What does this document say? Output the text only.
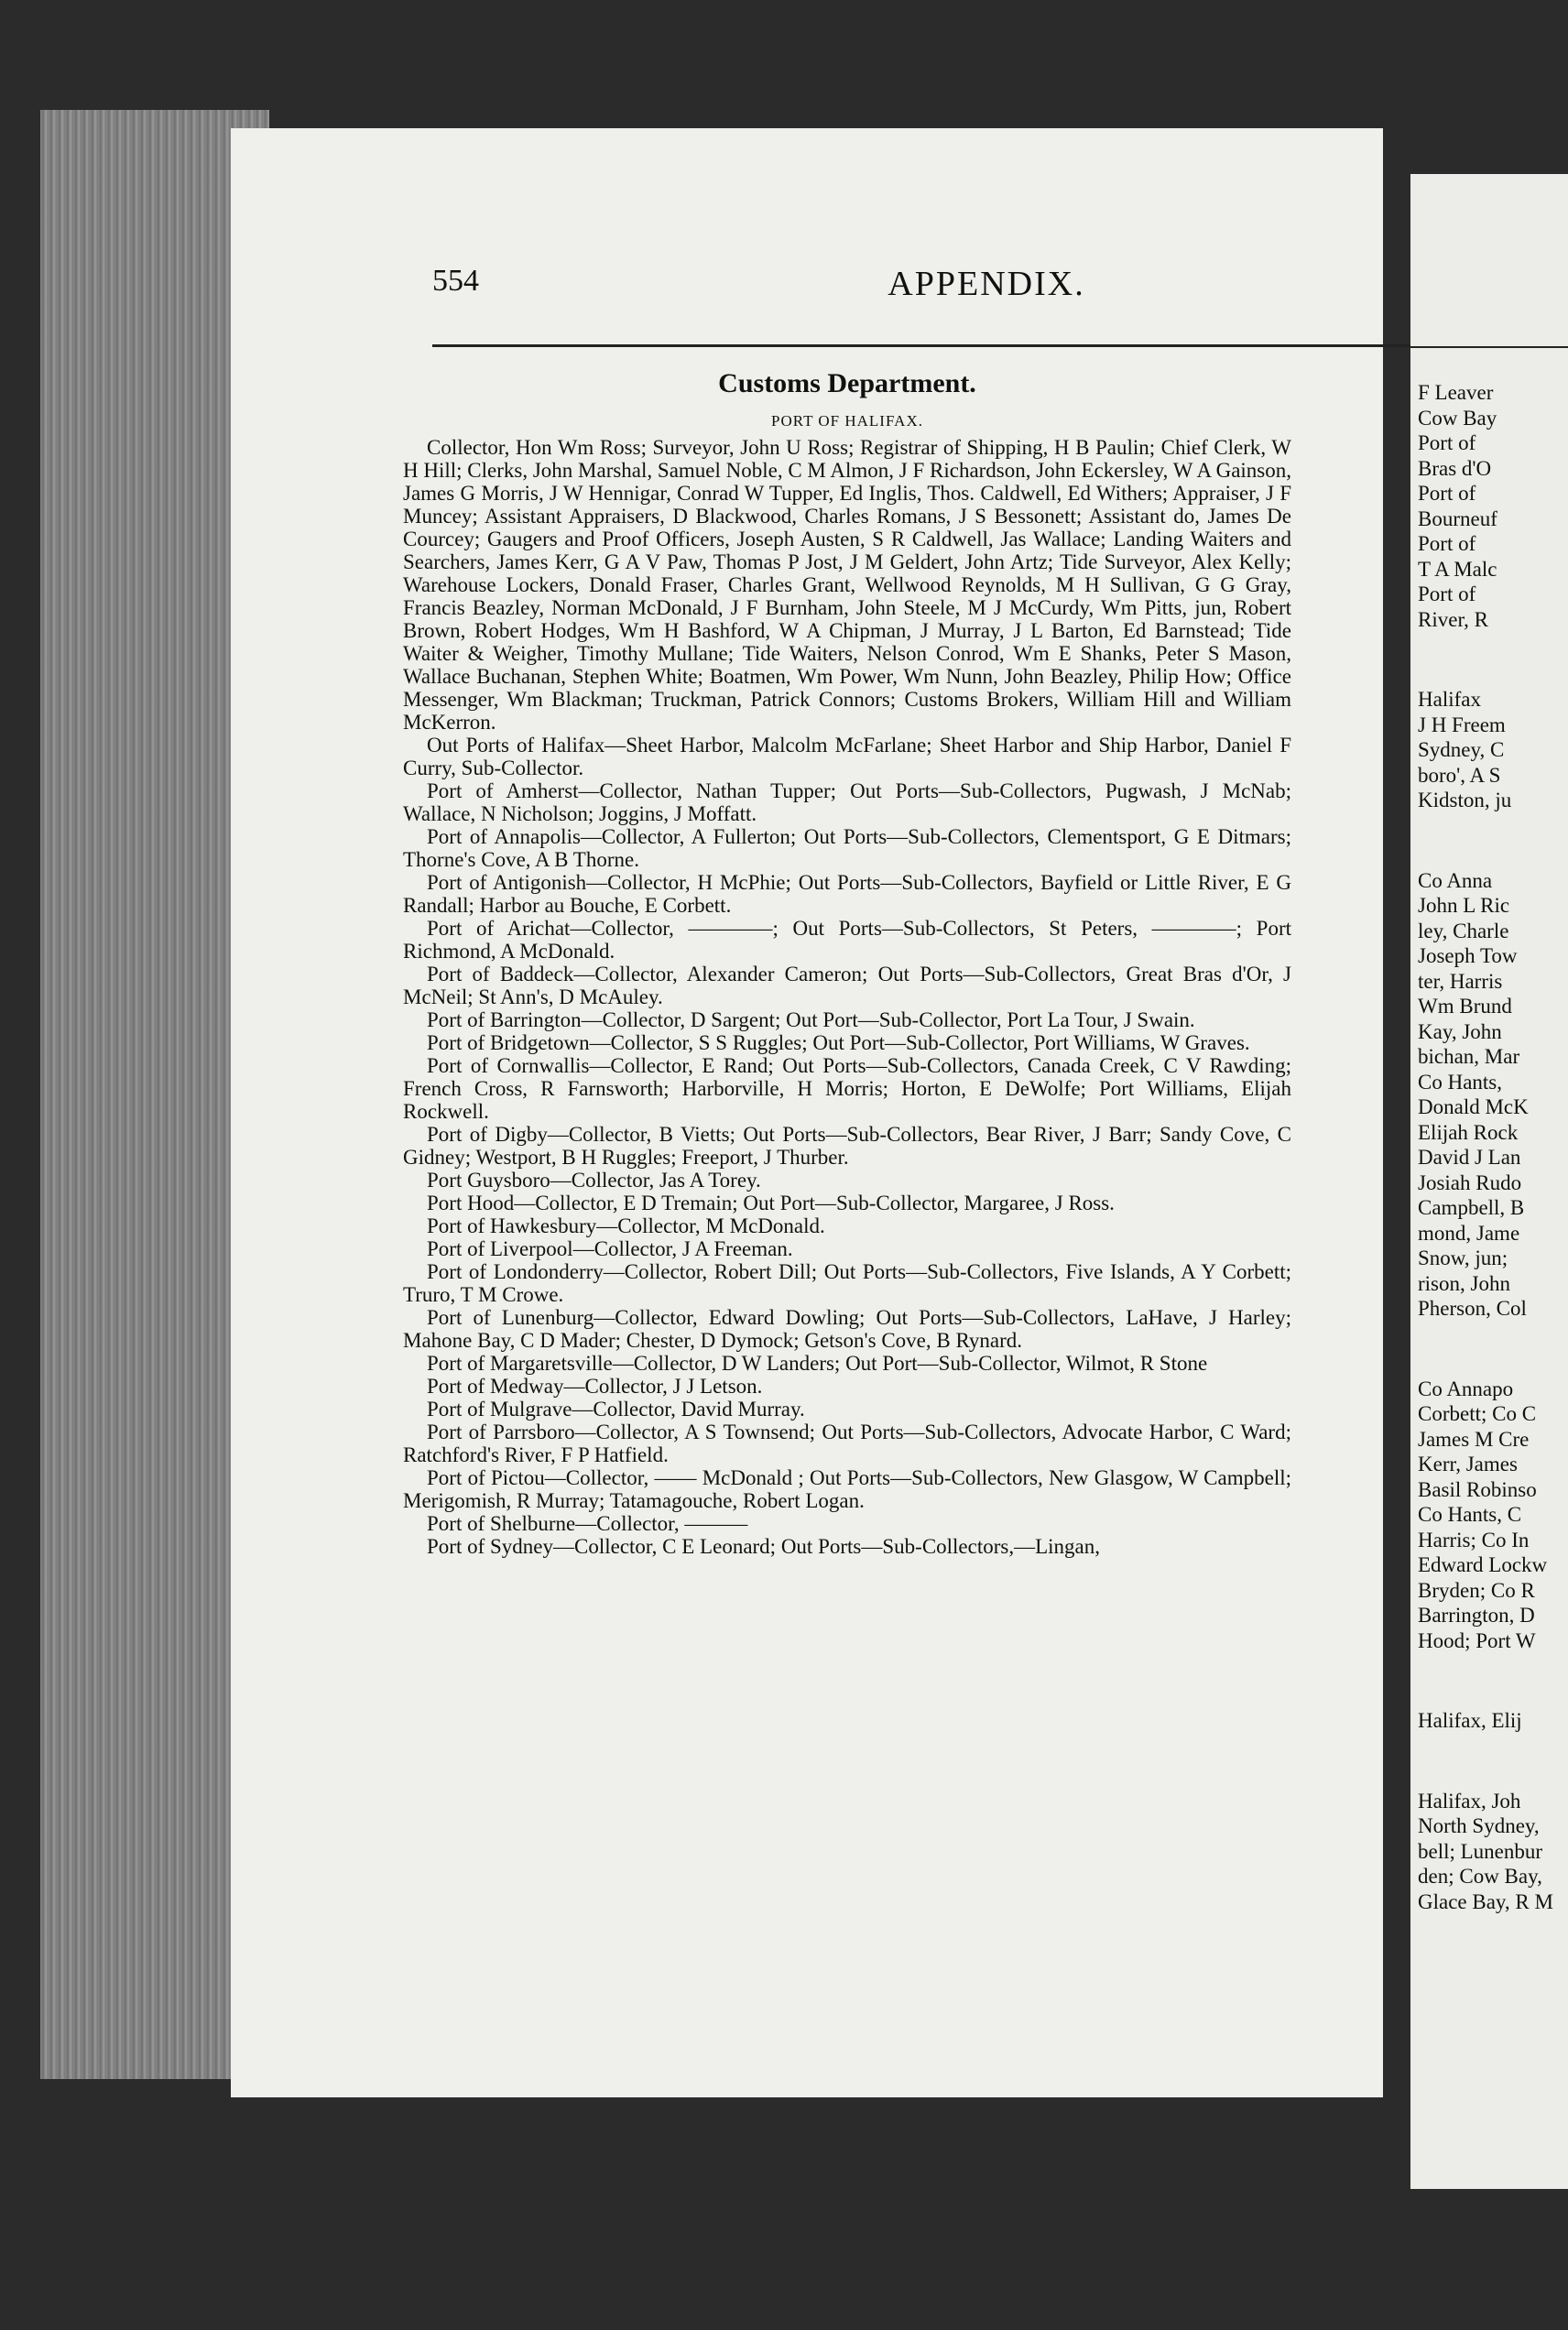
554	APPENDIX.
Customs Department.
PORT OF HALIFAX.

Collector, Hon Wm Ross; Surveyor, John U Ross; Registrar of Shipping, H B Paulin; Chief Clerk, W H Hill; Clerks, John Marshal, Samuel Noble, C M Almon, J F Richardson, John Eckersley, W A Gainson, James G Morris, J W Hennigar, Conrad W Tupper, Ed Inglis, Thos. Caldwell, Ed Withers; Appraiser, J F Muncey; Assistant Appraisers, D Blackwood, Charles Romans, J S Bessonett; Assistant do, James De Courcey; Gaugers and Proof Officers, Joseph Austen, S R Caldwell, Jas Wallace; Landing Waiters and Searchers, James Kerr, G A V Paw, Thomas P Jost, J M Geldert, John Artz; Tide Surveyor, Alex Kelly; Warehouse Lockers, Donald Fraser, Charles Grant, Wellwood Reynolds, M H Sullivan, G G Gray, Francis Beazley, Norman McDonald, J F Burnham, John Steele, M J McCurdy, Wm Pitts, jun, Robert Brown, Robert Hodges, Wm H Bashford, W A Chipman, J Murray, J L Barton, Ed Barnstead; Tide Waiter & Weigher, Timothy Mullane; Tide Waiters, Nelson Conrod, Wm E Shanks, Peter S Mason, Wallace Buchanan, Stephen White; Boatmen, Wm Power, Wm Nunn, John Beazley, Philip How; Office Messenger, Wm Blackman; Truckman, Patrick Connors; Customs Brokers, William Hill and William McKerron.

Out Ports of Halifax—Sheet Harbor, Malcolm McFarlane; Sheet Harbor and Ship Harbor, Daniel F Curry, Sub-Collector.

Port of Amherst—Collector, Nathan Tupper; Out Ports—Sub-Collectors, Pugwash, J McNab; Wallace, N Nicholson; Joggins, J Moffatt.

Port of Annapolis—Collector, A Fullerton; Out Ports—Sub-Collectors, Clementsport, G E Ditmars; Thorne's Cove, A B Thorne.

Port of Antigonish—Collector, H McPhie; Out Ports—Sub-Collectors, Bayfield or Little River, E G Randall; Harbor au Bouche, E Corbett.

Port of Arichat—Collector, ————; Out Ports—Sub-Collectors, St Peters, ————; Port Richmond, A McDonald.

Port of Baddeck—Collector, Alexander Cameron; Out Ports—Sub-Collectors, Great Bras d'Or, J McNeil; St Ann's, D McAuley.

Port of Barrington—Collector, D Sargent; Out Port—Sub-Collector, Port La Tour, J Swain.

Port of Bridgetown—Collector, S S Ruggles; Out Port—Sub-Collector, Port Williams, W Graves.

Port of Cornwallis—Collector, E Rand; Out Ports—Sub-Collectors, Canada Creek, C V Rawding; French Cross, R Farnsworth; Harborville, H Morris; Horton, E DeWolfe; Port Williams, Elijah Rockwell.

Port of Digby—Collector, B Vietts; Out Ports—Sub-Collectors, Bear River, J Barr; Sandy Cove, C Gidney; Westport, B H Ruggles; Freeport, J Thurber.

Port Guysboro—Collector, Jas A Torey.

Port Hood—Collector, E D Tremain; Out Port—Sub-Collector, Margaree, J Ross.

Port of Hawkesbury—Collector, M McDonald.

Port of Liverpool—Collector, J A Freeman.

Port of Londonderry—Collector, Robert Dill; Out Ports—Sub-Collectors, Five Islands, A Y Corbett; Truro, T M Crowe.

Port of Lunenburg—Collector, Edward Dowling; Out Ports—Sub-Collectors, LaHave, J Harley; Mahone Bay, C D Mader; Chester, D Dymock; Getson's Cove, B Rynard.

Port of Margaretsville—Collector, D W Landers; Out Port—Sub-Collector, Wilmot, R Stone

Port of Medway—Collector, J J Letson.

Port of Mulgrave—Collector, David Murray.

Port of Parrsboro—Collector, A S Townsend; Out Ports—Sub-Collectors, Advocate Harbor, C Ward; Ratchford's River, F P Hatfield.

Port of Pictou—Collector, —— McDonald ; Out Ports—Sub-Collectors, New Glasgow, W Campbell; Merigomish, R Murray; Tatamagouche, Robert Logan.

Port of Shelburne—Collector, ———

Port of Sydney—Collector, C E Leonard; Out Ports—Sub-Collectors,—Lingan,

F Leaver
Cow Bay
Port of
Bras d'O
Port of
Bourneuf
Port of
T A Malc
Port of
River, R
Halifax
J H Freem
Sydney, C
boro', A S
Kidston, ju
Co Anna
John L Ric
ley, Charle
Joseph Tow
ter, Harris
Wm Brund
Kay, John
bichan, Mar
Co Hants,
Donald McK
Elijah Rock
David J Lan
Josiah Rudo
Campbell, B
mond, Jame
Snow, jun;
rison, John
Pherson, Col
Co Annapo
Corbett; Co C
James M Cre
Kerr, James
Basil Robinso
Co Hants, C
Harris; Co In
Edward Lockw
Bryden; Co R
Barrington, D
Hood; Port W
Halifax, Elij
Halifax, Joh
North Sydney,
bell; Lunenbur
den; Cow Bay,
Glace Bay, R M
